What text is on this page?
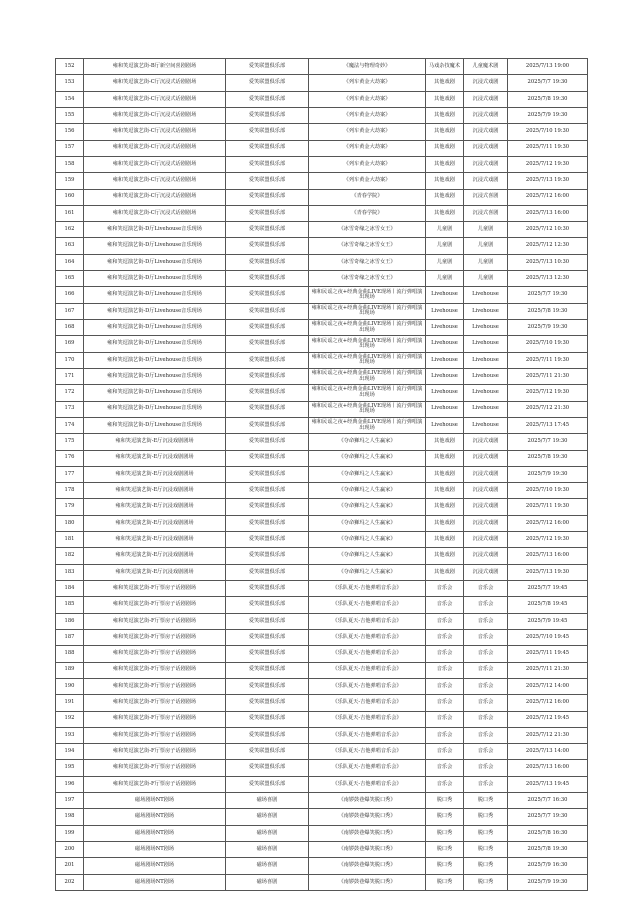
152	雍和笑逗演艺街-B厅新空间喜剧剧场	爱笑联盟俱乐部	《魔法与物理奇妙》	马戏杂技魔术	儿童魔术剧	2025/7/13 19:00
153	雍和笑逗演艺街-C厅沉浸式话剧剧场	爱笑联盟俱乐部	《列车黄金大劫案》	其他戏剧	沉浸式戏剧	2025/7/7 19:30
154	雍和笑逗演艺街-C厅沉浸式话剧剧场	爱笑联盟俱乐部	《列车黄金大劫案》	其他戏剧	沉浸式戏剧	2025/7/8 19:30
155	雍和笑逗演艺街-C厅沉浸式话剧剧场	爱笑联盟俱乐部	《列车黄金大劫案》	其他戏剧	沉浸式戏剧	2025/7/9 19:30
156	雍和笑逗演艺街-C厅沉浸式话剧剧场	爱笑联盟俱乐部	《列车黄金大劫案》	其他戏剧	沉浸式戏剧	2025/7/10 19:30
157	雍和笑逗演艺街-C厅沉浸式话剧剧场	爱笑联盟俱乐部	《列车黄金大劫案》	其他戏剧	沉浸式戏剧	2025/7/11 19:30
158	雍和笑逗演艺街-C厅沉浸式话剧剧场	爱笑联盟俱乐部	《列车黄金大劫案》	其他戏剧	沉浸式戏剧	2025/7/12 19:30
159	雍和笑逗演艺街-C厅沉浸式话剧剧场	爱笑联盟俱乐部	《列车黄金大劫案》	其他戏剧	沉浸式戏剧	2025/7/13 19:30
160	雍和笑逗演艺街-C厅沉浸式话剧剧场	爱笑联盟俱乐部	《青春学院》	其他戏剧	沉浸式喜剧	2025/7/12 16:00
161	雍和笑逗演艺街-C厅沉浸式话剧剧场	爱笑联盟俱乐部	《青春学院》	其他戏剧	沉浸式喜剧	2025/7/13 16:00
162	雍和笑逗演艺街-D厅Livehouse音乐现场	爱笑联盟俱乐部	《冰雪奇缘之冰雪女王》	儿童剧	儿童剧	2025/7/12 10:30
163	雍和笑逗演艺街-D厅Livehouse音乐现场	爱笑联盟俱乐部	《冰雪奇缘之冰雪女王》	儿童剧	儿童剧	2025/7/12 12:30
164	雍和笑逗演艺街-D厅Livehouse音乐现场	爱笑联盟俱乐部	《冰雪奇缘之冰雪女王》	儿童剧	儿童剧	2025/7/13 10:30
165	雍和笑逗演艺街-D厅Livehouse音乐现场	爱笑联盟俱乐部	《冰雪奇缘之冰雪女王》	儿童剧	儿童剧	2025/7/13 12:30
166	雍和笑逗演艺街-D厅Livehouse音乐现场	爱笑联盟俱乐部	雍和民谣之夜+经典金曲LIVE现场丨流行弹唱演出现场	Livehouse	Livehouse	2025/7/7 19:30
167	雍和笑逗演艺街-D厅Livehouse音乐现场	爱笑联盟俱乐部	雍和民谣之夜+经典金曲LIVE现场丨流行弹唱演出现场	Livehouse	Livehouse	2025/7/8 19:30
168	雍和笑逗演艺街-D厅Livehouse音乐现场	爱笑联盟俱乐部	雍和民谣之夜+经典金曲LIVE现场丨流行弹唱演出现场	Livehouse	Livehouse	2025/7/9 19:30
169	雍和笑逗演艺街-D厅Livehouse音乐现场	爱笑联盟俱乐部	雍和民谣之夜+经典金曲LIVE现场丨流行弹唱演出现场	Livehouse	Livehouse	2025/7/10 19:30
170	雍和笑逗演艺街-D厅Livehouse音乐现场	爱笑联盟俱乐部	雍和民谣之夜+经典金曲LIVE现场丨流行弹唱演出现场	Livehouse	Livehouse	2025/7/11 19:30
171	雍和笑逗演艺街-D厅Livehouse音乐现场	爱笑联盟俱乐部	雍和民谣之夜+经典金曲LIVE现场丨流行弹唱演出现场	Livehouse	Livehouse	2025/7/11 21:30
172	雍和笑逗演艺街-D厅Livehouse音乐现场	爱笑联盟俱乐部	雍和民谣之夜+经典金曲LIVE现场丨流行弹唱演出现场	Livehouse	Livehouse	2025/7/12 19:30
173	雍和笑逗演艺街-D厅Livehouse音乐现场	爱笑联盟俱乐部	雍和民谣之夜+经典金曲LIVE现场丨流行弹唱演出现场	Livehouse	Livehouse	2025/7/12 21:30
174	雍和笑逗演艺街-D厅Livehouse音乐现场	爱笑联盟俱乐部	雍和民谣之夜+经典金曲LIVE现场丨流行弹唱演出现场	Livehouse	Livehouse	2025/7/13 17:45
175	雍和笑逗演艺街-E厅沉浸戏剧剧场	爱笑联盟俱乐部	《夺命狮玛之人生赢家》	其他戏剧	沉浸式戏剧	2025/7/7 19:30
176	雍和笑逗演艺街-E厅沉浸戏剧剧场	爱笑联盟俱乐部	《夺命狮玛之人生赢家》	其他戏剧	沉浸式戏剧	2025/7/8 19:30
177	雍和笑逗演艺街-E厅沉浸戏剧剧场	爱笑联盟俱乐部	《夺命狮玛之人生赢家》	其他戏剧	沉浸式戏剧	2025/7/9 19:30
178	雍和笑逗演艺街-E厅沉浸戏剧剧场	爱笑联盟俱乐部	《夺命狮玛之人生赢家》	其他戏剧	沉浸式戏剧	2025/7/10 19:30
179	雍和笑逗演艺街-E厅沉浸戏剧剧场	爱笑联盟俱乐部	《夺命狮玛之人生赢家》	其他戏剧	沉浸式戏剧	2025/7/11 19:30
180	雍和笑逗演艺街-E厅沉浸戏剧剧场	爱笑联盟俱乐部	《夺命狮玛之人生赢家》	其他戏剧	沉浸式戏剧	2025/7/12 16:00
181	雍和笑逗演艺街-E厅沉浸戏剧剧场	爱笑联盟俱乐部	《夺命狮玛之人生赢家》	其他戏剧	沉浸式戏剧	2025/7/12 19:30
182	雍和笑逗演艺街-E厅沉浸戏剧剧场	爱笑联盟俱乐部	《夺命狮玛之人生赢家》	其他戏剧	沉浸式戏剧	2025/7/13 16:00
183	雍和笑逗演艺街-E厅沉浸戏剧剧场	爱笑联盟俱乐部	《夺命狮玛之人生赢家》	其他戏剧	沉浸式戏剧	2025/7/13 19:30
184	雍和笑逗演艺街-F厅票房子话剧剧场	爱笑联盟俱乐部	《乐队夏天-吉他弹唱音乐会》	音乐会	音乐会	2025/7/7 19:45
185	雍和笑逗演艺街-F厅票房子话剧剧场	爱笑联盟俱乐部	《乐队夏天-吉他弹唱音乐会》	音乐会	音乐会	2025/7/8 19:45
186	雍和笑逗演艺街-F厅票房子话剧剧场	爱笑联盟俱乐部	《乐队夏天-吉他弹唱音乐会》	音乐会	音乐会	2025/7/9 19:45
187	雍和笑逗演艺街-F厅票房子话剧剧场	爱笑联盟俱乐部	《乐队夏天-吉他弹唱音乐会》	音乐会	音乐会	2025/7/10 19:45
188	雍和笑逗演艺街-F厅票房子话剧剧场	爱笑联盟俱乐部	《乐队夏天-吉他弹唱音乐会》	音乐会	音乐会	2025/7/11 19:45
189	雍和笑逗演艺街-F厅票房子话剧剧场	爱笑联盟俱乐部	《乐队夏天-吉他弹唱音乐会》	音乐会	音乐会	2025/7/11 21:30
190	雍和笑逗演艺街-F厅票房子话剧剧场	爱笑联盟俱乐部	《乐队夏天-吉他弹唱音乐会》	音乐会	音乐会	2025/7/12 14:00
191	雍和笑逗演艺街-F厅票房子话剧剧场	爱笑联盟俱乐部	《乐队夏天-吉他弹唱音乐会》	音乐会	音乐会	2025/7/12 16:00
192	雍和笑逗演艺街-F厅票房子话剧剧场	爱笑联盟俱乐部	《乐队夏天-吉他弹唱音乐会》	音乐会	音乐会	2025/7/12 19:45
193	雍和笑逗演艺街-F厅票房子话剧剧场	爱笑联盟俱乐部	《乐队夏天-吉他弹唱音乐会》	音乐会	音乐会	2025/7/12 21:30
194	雍和笑逗演艺街-F厅票房子话剧剧场	爱笑联盟俱乐部	《乐队夏天-吉他弹唱音乐会》	音乐会	音乐会	2025/7/13 14:00
195	雍和笑逗演艺街-F厅票房子话剧剧场	爱笑联盟俱乐部	《乐队夏天-吉他弹唱音乐会》	音乐会	音乐会	2025/7/13 16:00
196	雍和笑逗演艺街-F厅票房子话剧剧场	爱笑联盟俱乐部	《乐队夏天-吉他弹唱音乐会》	音乐会	音乐会	2025/7/13 19:45
197	磁场剧场NT剧场	磁场喜剧	《南锣鼓巷爆笑脱口秀》	脱口秀	脱口秀	2025/7/7 16:30
198	磁场剧场NT剧场	磁场喜剧	《南锣鼓巷爆笑脱口秀》	脱口秀	脱口秀	2025/7/7 19:30
199	磁场剧场NT剧场	磁场喜剧	《南锣鼓巷爆笑脱口秀》	脱口秀	脱口秀	2025/7/8 16:30
200	磁场剧场NT剧场	磁场喜剧	《南锣鼓巷爆笑脱口秀》	脱口秀	脱口秀	2025/7/8 19:30
201	磁场剧场NT剧场	磁场喜剧	《南锣鼓巷爆笑脱口秀》	脱口秀	脱口秀	2025/7/9 16:30
202	磁场剧场NT剧场	磁场喜剧	《南锣鼓巷爆笑脱口秀》	脱口秀	脱口秀	2025/7/9 19:30
